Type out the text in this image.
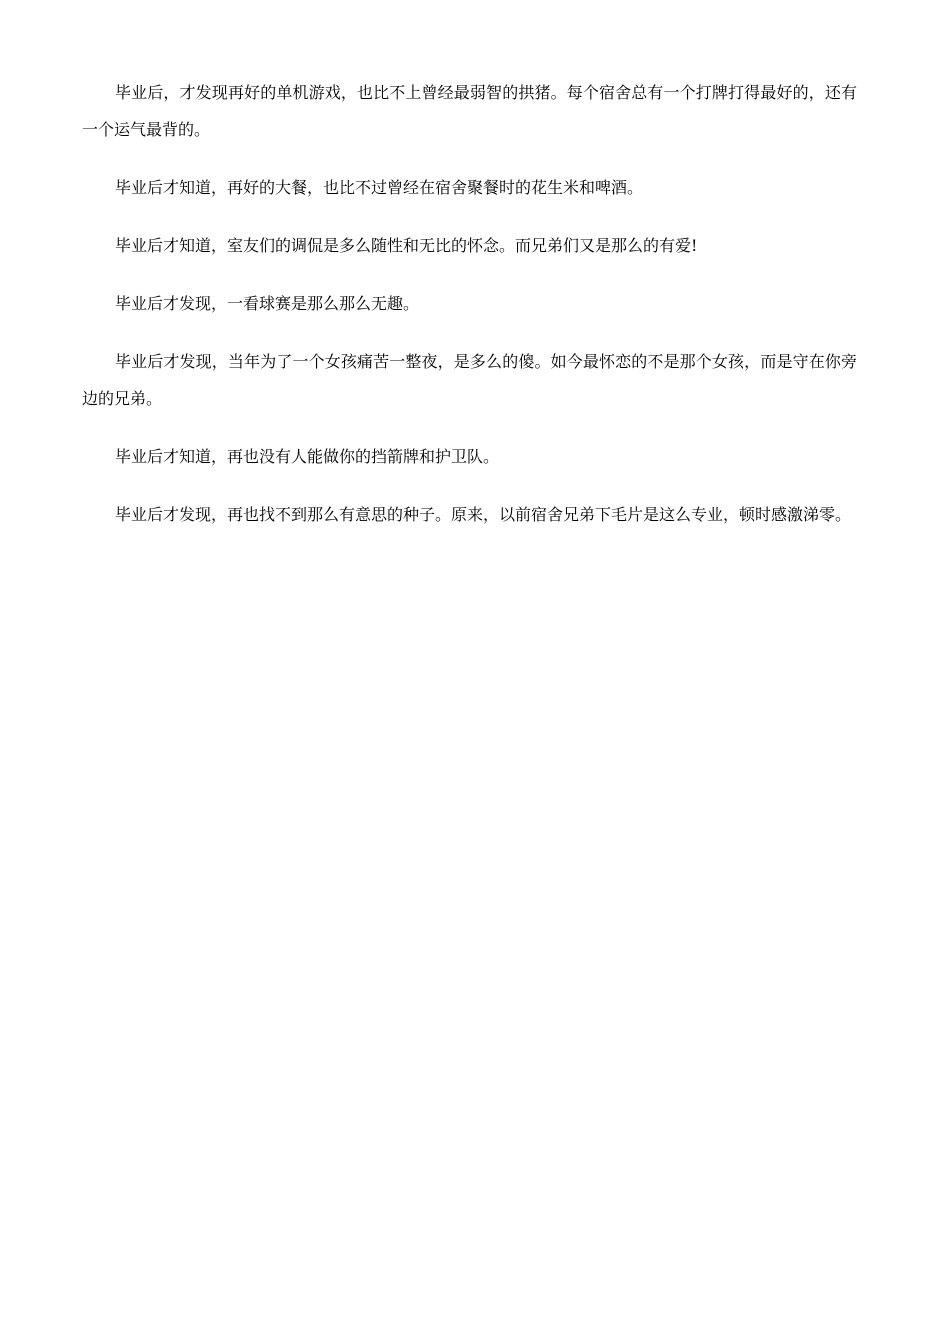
毕业后，才发现再好的单机游戏，也比不上曾经最弱智的拱猪。每个宿舍总有一个打牌打得最好的，还有一个运气最背的。

毕业后才知道，再好的大餐，也比不过曾经在宿舍聚餐时的花生米和啤酒。

毕业后才知道，室友们的调侃是多么随性和无比的怀念。而兄弟们又是那么的有爱!

毕业后才发现，一看球赛是那么那么无趣。

毕业后才发现，当年为了一个女孩痛苦一整夜，是多么的傻。如今最怀恋的不是那个女孩，而是守在你旁边的兄弟。

毕业后才知道，再也没有人能做你的挡箭牌和护卫队。

毕业后才发现，再也找不到那么有意思的种子。原来，以前宿舍兄弟下毛片是这么专业，顿时感激涕零。
